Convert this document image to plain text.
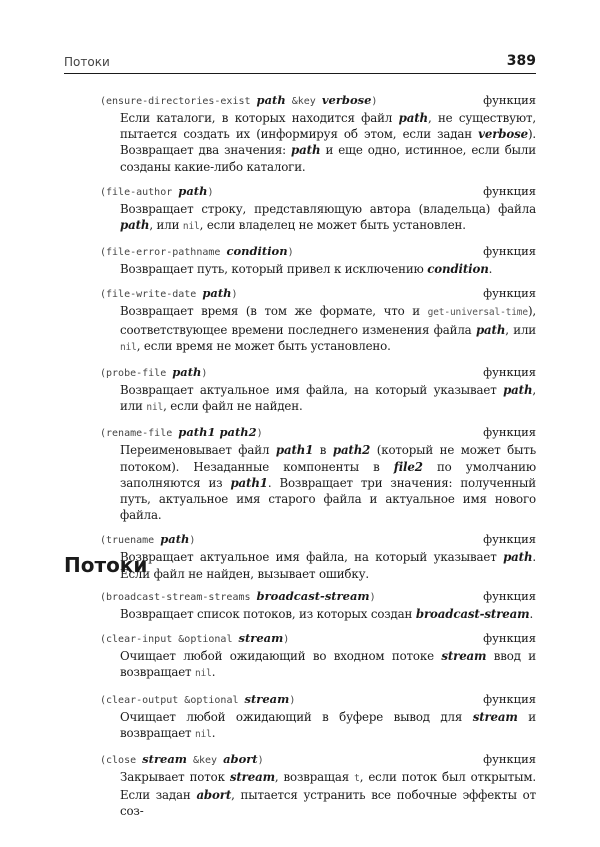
Потоки	389
(ensure-directories-exist path &key verbose)	функция

Если каталоги, в которых находится файл path, не существуют, пытается создать их (информируя об этом, если задан verbose). Возвращает два значения: path и еще одно, истинное, если были созданы какие-либо каталоги.

(file-author path)	функция

Возвращает строку, представляющую автора (владельца) файла path, или nil, если владелец не может быть установлен.

(file-error-pathname condition)	функция

Возвращает путь, который привел к исключению condition.

(file-write-date path)	функция

Возвращает время (в том же формате, что и get-universal-time), соответствующее времени последнего изменения файла path, или nil, если время не может быть установлено.

(probe-file path)	функция

Возвращает актуальное имя файла, на который указывает path, или nil, если файл не найден.

(rename-file path1 path2)	функция

Переименовывает файл path1 в path2 (который не может быть потоком). Незаданные компоненты в file2 по умолчанию заполняются из path1. Возвращает три значения: полученный путь, актуальное имя старого файла и актуальное имя нового файла.

(truename path)	функция

Возвращает актуальное имя файла, на который указывает path. Если файл не найден, вызывает ошибку.

Потоки
(broadcast-stream-streams broadcast-stream)	функция

Возвращает список потоков, из которых создан broadcast-stream.

(clear-input &optional stream)	функция

Очищает любой ожидающий во входном потоке stream ввод и возвращает nil.

(clear-output &optional stream)	функция

Очищает любой ожидающий в буфере вывод для stream и возвращает nil.

(close stream &key abort)	функция

Закрывает поток stream, возвращая t, если поток был открытым. Если задан abort, пытается устранить все побочные эффекты от соз-
